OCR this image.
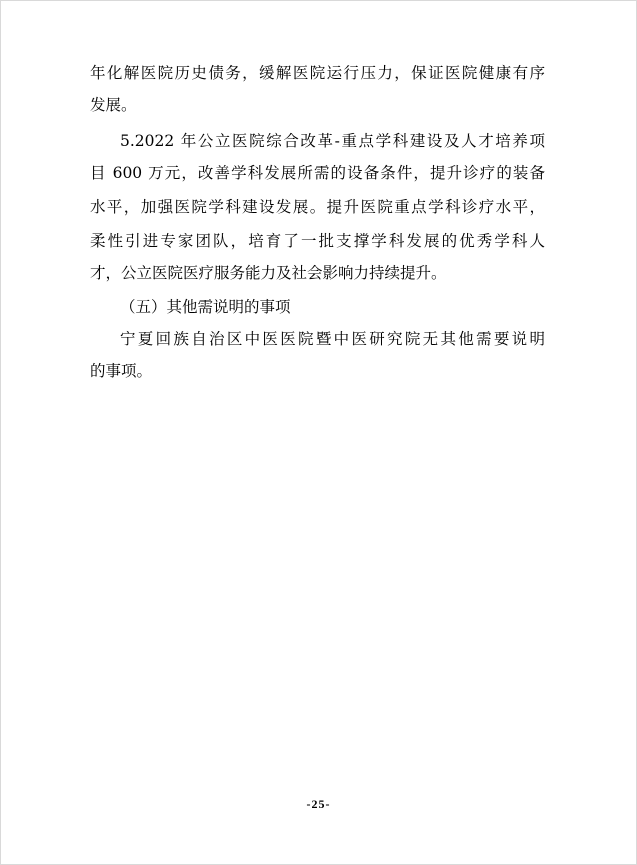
年化解医院历史债务，缓解医院运行压力，保证医院健康有序
发展。
5.2022 年公立医院综合改革-重点学科建设及人才培养项
目 600 万元，改善学科发展所需的设备条件，提升诊疗的装备
水平，加强医院学科建设发展。提升医院重点学科诊疗水平，
柔性引进专家团队，培育了一批支撑学科发展的优秀学科人
才，公立医院医疗服务能力及社会影响力持续提升。
（五）其他需说明的事项
宁夏回族自治区中医医院暨中医研究院无其他需要说明
的事项。
-25-
